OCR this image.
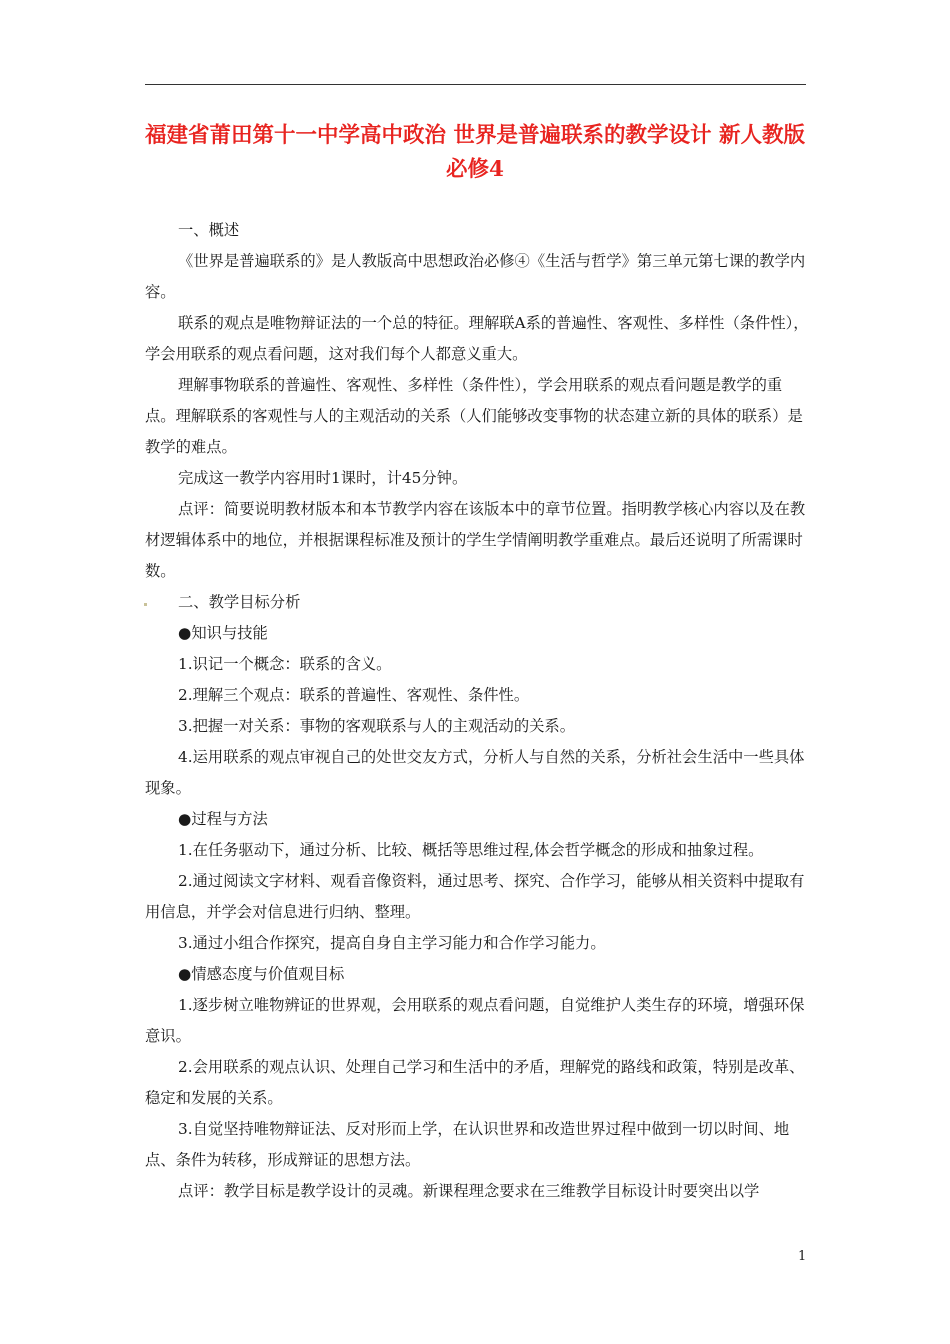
福建省莆田第十一中学高中政治 世界是普遍联系的教学设计 新人教版必修4

一、概述

《世界是普遍联系的》是人教版高中思想政治必修④《生活与哲学》第三单元第七课的教学内容。

联系的观点是唯物辩证法的一个总的特征。理解联A系的普遍性、客观性、多样性（条件性），学会用联系的观点看问题，这对我们每个人都意义重大。

理解事物联系的普遍性、客观性、多样性（条件性），学会用联系的观点看问题是教学的重点。理解联系的客观性与人的主观活动的关系（人们能够改变事物的状态建立新的具体的联系）是教学的难点。

完成这一教学内容用时1课时，计45分钟。

点评：简要说明教材版本和本节教学内容在该版本中的章节位置。指明教学核心内容以及在教材逻辑体系中的地位，并根据课程标准及预计的学生学情阐明教学重难点。最后还说明了所需课时数。

二、教学目标分析

●知识与技能

1.识记一个概念：联系的含义。

2.理解三个观点：联系的普遍性、客观性、条件性。

3.把握一对关系：事物的客观联系与人的主观活动的关系。

4.运用联系的观点审视自己的处世交友方式，分析人与自然的关系，分析社会生活中一些具体现象。

●过程与方法

1.在任务驱动下，通过分析、比较、概括等思维过程,体会哲学概念的形成和抽象过程。

2.通过阅读文字材料、观看音像资料，通过思考、探究、合作学习，能够从相关资料中提取有用信息，并学会对信息进行归纳、整理。

3.通过小组合作探究，提高自身自主学习能力和合作学习能力。

●情感态度与价值观目标

1.逐步树立唯物辨证的世界观，会用联系的观点看问题，自觉维护人类生存的环境，增强环保意识。

2.会用联系的观点认识、处理自己学习和生活中的矛盾，理解党的路线和政策，特别是改革、稳定和发展的关系。

3.自觉坚持唯物辩证法、反对形而上学，在认识世界和改造世界过程中做到一切以时间、地点、条件为转移，形成辩证的思想方法。

点评：教学目标是教学设计的灵魂。新课程理念要求在三维教学目标设计时要突出以学

1
